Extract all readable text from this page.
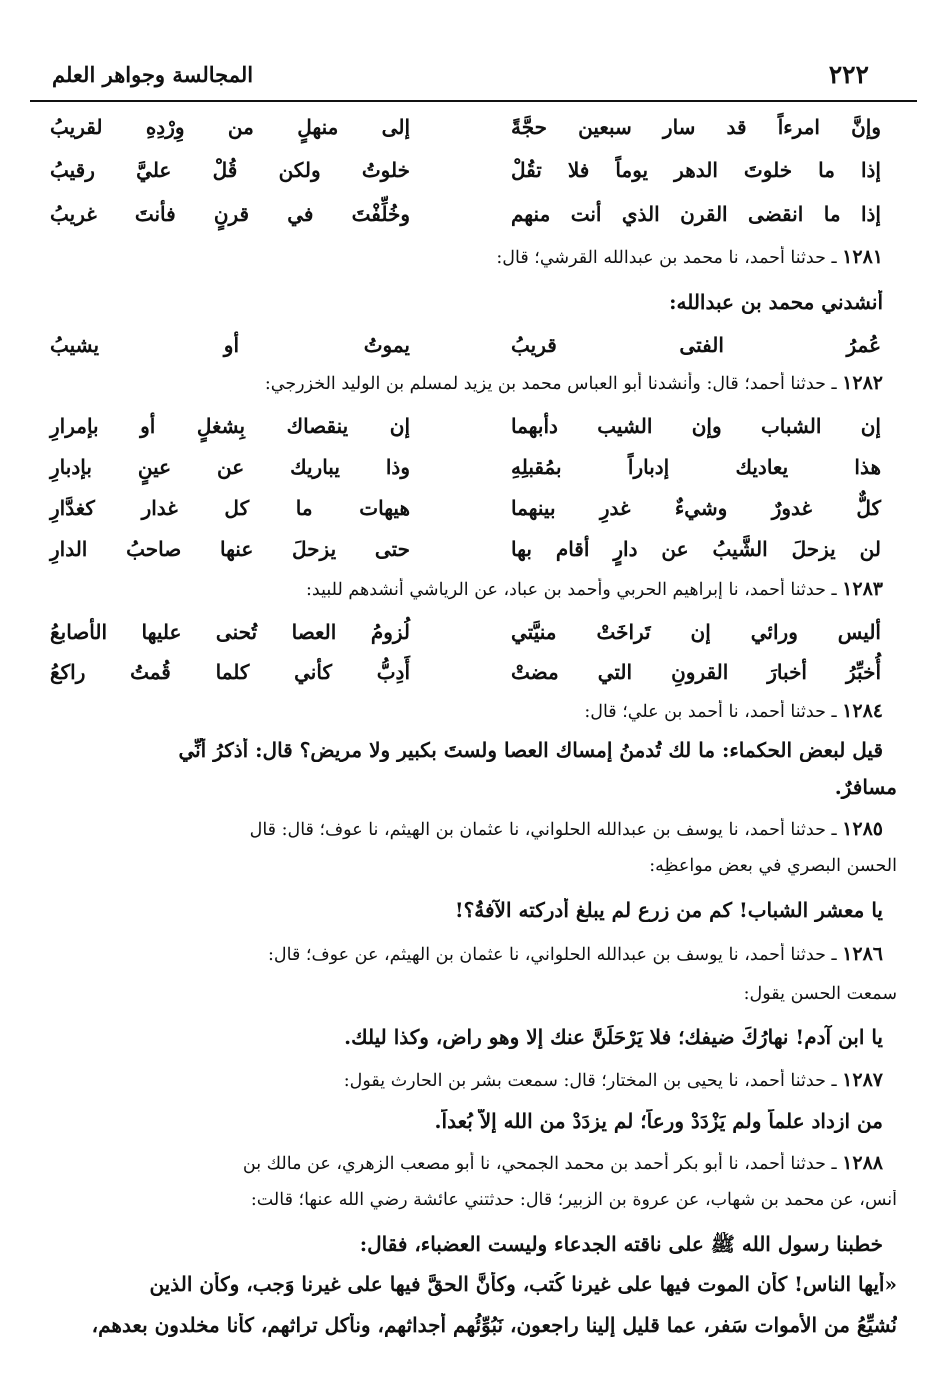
٢٢٢
المجالسة وجواهر العلم
وإنَّ امرءاً قد سار سبعين حجَّةً
إلى منهلٍ من وِرْدِهِ لقريبُ
إذا ما خلوتَ الدهر يوماً فلا تقُلْ
خلوتُ ولكن قُلْ عليَّ رقيبُ
إذا ما انقضى القرن الذي أنت منهم
وخُلِّفْتَ في قرنٍ فأنتَ غريبُ
١٢٨١ ـ حدثنا أحمد، نا محمد بن عبدالله القرشي؛ قال:
أنشدني محمد بن عبدالله:
عُمرُ الفتى قريبُ
يموتُ أو يشيبُ
١٢٨٢ ـ حدثنا أحمد؛ قال: وأنشدنا أبو العباس محمد بن يزيد لمسلم بن الوليد الخزرجي:
إن الشباب وإن الشيب دأبهما
إن ينقصاك بِشغلٍ أو بإمرارِ
هذا يعاديك إدباراً بمُقبلِهِ
وذا يباريك عن عينٍ بإدبارِ
كلٌّ غدورٌ وشيءٌ غدرِ بينهما
هيهات ما كل غدار كغدَّارِ
لن يزحلَ الشَّيبُ عن دارٍ أقام بها
حتى يزحلَ عنها صاحبُ الدارِ
١٢٨٣ ـ حدثنا أحمد، نا إبراهيم الحربي وأحمد بن عباد، عن الرياشي أنشدهم للبيد:
أليس ورائي إن تَراخَتْ منيَّتي
لُزومُ العصا تُحنى عليها الأصابعُ
أُخبِّرُ أخبارَ القرونِ التي مضتْ
أَدِبُّ كأني كلما قُمتُ راكعُ
١٢٨٤ ـ حدثنا أحمد، نا أحمد بن علي؛ قال:
قيل لبعض الحكماء: ما لك تُدمنُ إمساك العصا ولستَ بكبيرٍ ولا مريضٍ؟ قال: أذكرُ أنِّي
مسافرٌ.
١٢٨٥ ـ حدثنا أحمد، نا يوسف بن عبدالله الحلواني، نا عثمان بن الهيثم، نا عوف؛ قال: قال
الحسن البصري في بعض مواعظِه:
يا معشر الشباب! كم من زرع لم يبلغ أدركته الآفةُ؟!
١٢٨٦ ـ حدثنا أحمد، نا يوسف بن عبدالله الحلواني، نا عثمان بن الهيثم، عن عوف؛ قال:
سمعت الحسن يقول:
يا ابن آدم! نهارُكَ ضيفك؛ فلا يَرْحَلَنَّ عنك إلا وهو راضٍ، وكذا ليلك.
١٢٨٧ ـ حدثنا أحمد، نا يحيى بن المختار؛ قال: سمعت بشر بن الحارث يقول:
من ازداد علماً ولم يَزْدَدْ ورعاً؛ لم يزدَدْ من الله إلاَّ بُعداً.
١٢٨٨ ـ حدثنا أحمد، نا أبو بكر أحمد بن محمد الجمحي، نا أبو مصعب الزهري، عن مالك بن
أنس، عن محمد بن شهاب، عن عروة بن الزبير؛ قال: حدثتني عائشة رضي الله عنها؛ قالت:
خطبنا رسول الله ﷺ على ناقته الجدعاء وليست العضباء، فقال:
«أيها الناس! كأن الموت فيها على غيرنا كُتب، وكأنَّ الحقَّ فيها على غيرنا وَجب، وكأن الذين
نُشيِّعُ من الأموات سَفر، عما قليل إلينا راجعون، نَبُوِّئُهم أجداثهم، ونأكل تراثهم، كأنا مخلدون بعدهم،
